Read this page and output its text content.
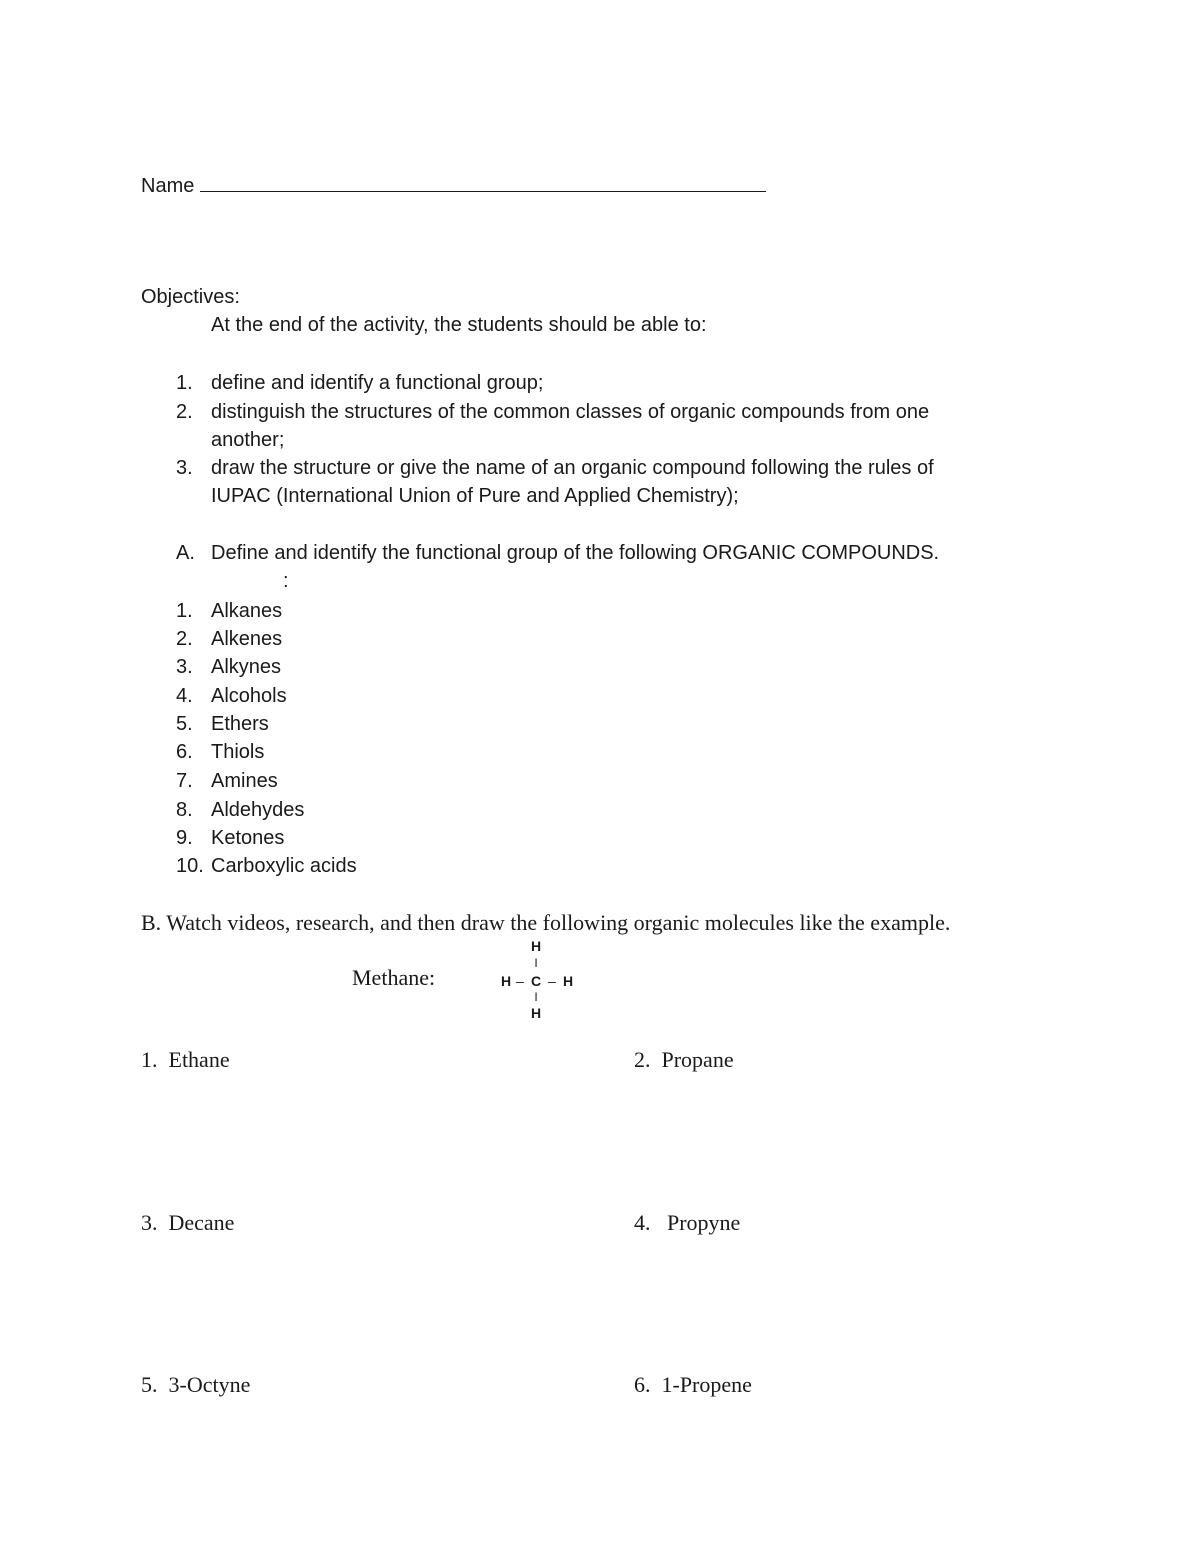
Name
Objectives:
At the end of the activity, the students should be able to:
1. define and identify a functional group;
2. distinguish the structures of the common classes of organic compounds from one
another;
3. draw the structure or give the name of an organic compound following the rules of
IUPAC (International Union of Pure and Applied Chemistry);
A. Define and identify the functional group of the following ORGANIC COMPOUNDS.
:
1. Alkanes
2. Alkenes
3. Alkynes
4. Alcohols
5. Ethers
6. Thiols
7. Amines
8. Aldehydes
9. Ketones
10. Carboxylic acids
B. Watch videos, research, and then draw the following organic molecules like the example.
Methane:
H
I
H – C – H
I
H
1. Ethane	2. Propane
3. Decane	4.   Propyne
5. 3-Octyne	6. 1-Propene
